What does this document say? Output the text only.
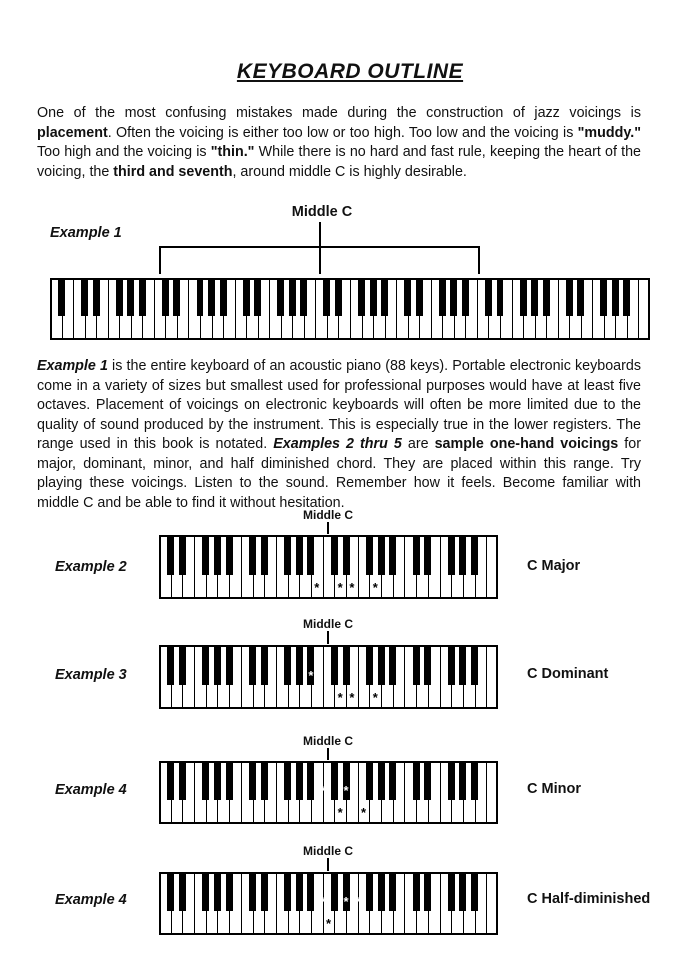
KEYBOARD OUTLINE
One of the most confusing mistakes made during the construction of jazz voicings is placement. Often the voicing is either too low or too high. Too low and the voicing is "muddy." Too high and the voicing is "thin." While there is no hard and fast rule, keeping the heart of the voicing, the third and seventh, around middle C is highly desirable.
Example 1
Middle C
Example 1 is the entire keyboard of an acoustic piano (88 keys). Portable electronic keyboards come in a variety of sizes but smallest used for professional purposes would have at least five octaves. Placement of voicings on electronic keyboards will often be more limited due to the quality of sound produced by the instrument. This is especially true in the lower registers. The range used in this book is notated. Examples 2 thru 5 are sample one-hand voicings for major, dominant, minor, and half diminished chord. They are placed within this range. Try playing these voicings. Listen to the sound. Remember how it feels. Become familiar with middle C and be able to find it without hesitation.
Middle C
Example 2
* * * *
C Major
Middle C
Example 3	*
* * *
C Dominant
Middle C
Example 4	* *
* *
C Minor
Middle C
Example 4	* * *
*
C Half-diminished
